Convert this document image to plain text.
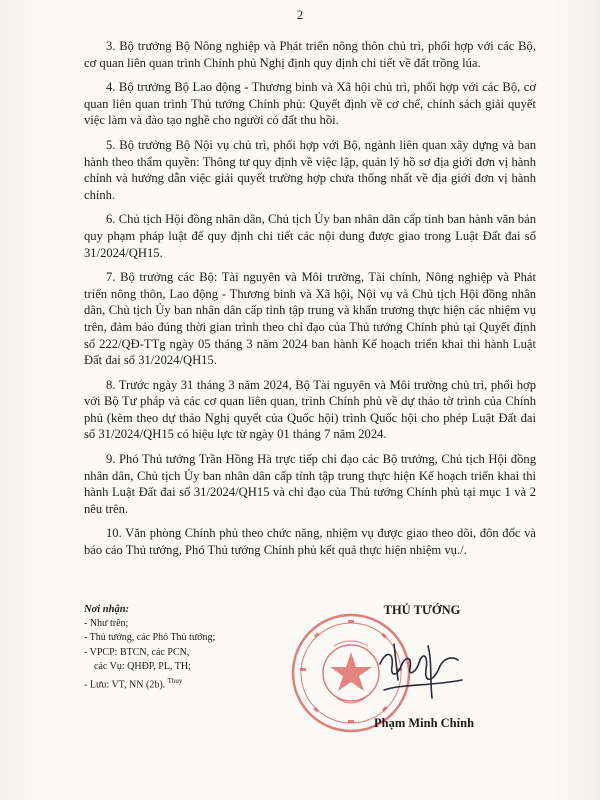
2

3. Bộ trưởng Bộ Nông nghiệp và Phát triển nông thôn chủ trì, phối hợp với các Bộ, cơ quan liên quan trình Chính phủ Nghị định quy định chi tiết về đất trồng lúa.

4. Bộ trưởng Bộ Lao động - Thương binh và Xã hội chủ trì, phối hợp với các Bộ, cơ quan liên quan trình Thủ tướng Chính phủ: Quyết định về cơ chế, chính sách giải quyết việc làm và đào tạo nghề cho người có đất thu hồi.

5. Bộ trưởng Bộ Nội vụ chủ trì, phối hợp với Bộ, ngành liên quan xây dựng và ban hành theo thẩm quyền: Thông tư quy định về việc lập, quản lý hồ sơ địa giới đơn vị hành chính và hướng dẫn việc giải quyết trường hợp chưa thống nhất về địa giới đơn vị hành chính.

6. Chủ tịch Hội đồng nhân dân, Chủ tịch Ủy ban nhân dân cấp tỉnh ban hành văn bản quy phạm pháp luật để quy định chi tiết các nội dung được giao trong Luật Đất đai số 31/2024/QH15.

7. Bộ trưởng các Bộ: Tài nguyên và Môi trường, Tài chính, Nông nghiệp và Phát triển nông thôn, Lao động - Thương binh và Xã hội, Nội vụ và Chủ tịch Hội đồng nhân dân, Chủ tịch Ủy ban nhân dân cấp tỉnh tập trung và khẩn trương thực hiện các nhiệm vụ trên, đảm bảo đúng thời gian trình theo chỉ đạo của Thủ tướng Chính phủ tại Quyết định số 222/QĐ-TTg ngày 05 tháng 3 năm 2024 ban hành Kế hoạch triển khai thi hành Luật Đất đai số 31/2024/QH15.

8. Trước ngày 31 tháng 3 năm 2024, Bộ Tài nguyên và Môi trường chủ trì, phối hợp với Bộ Tư pháp và các cơ quan liên quan, trình Chính phủ về dự thảo tờ trình của Chính phủ (kèm theo dự thảo Nghị quyết của Quốc hội) trình Quốc hội cho phép Luật Đất đai số 31/2024/QH15 có hiệu lực từ ngày 01 tháng 7 năm 2024.

9. Phó Thủ tướng Trần Hồng Hà trực tiếp chỉ đạo các Bộ trưởng, Chủ tịch Hội đồng nhân dân, Chủ tịch Ủy ban nhân dân cấp tỉnh tập trung thực hiện Kế hoạch triển khai thi hành Luật Đất đai số 31/2024/QH15 và chỉ đạo của Thủ tướng Chính phủ tại mục 1 và 2 nêu trên.

10. Văn phòng Chính phủ theo chức năng, nhiệm vụ được giao theo dõi, đôn đốc và báo cáo Thủ tướng, Phó Thủ tướng Chính phủ kết quả thực hiện nhiệm vụ./.

Nơi nhận:
- Như trên;
- Thủ tướng, các Phó Thủ tướng;
- VPCP: BTCN, các PCN,
các Vụ: QHĐP, PL, TH;
- Lưu: VT, NN (2b). $^{Thuy}$
THỦ TƯỚNG
Phạm Minh Chính
